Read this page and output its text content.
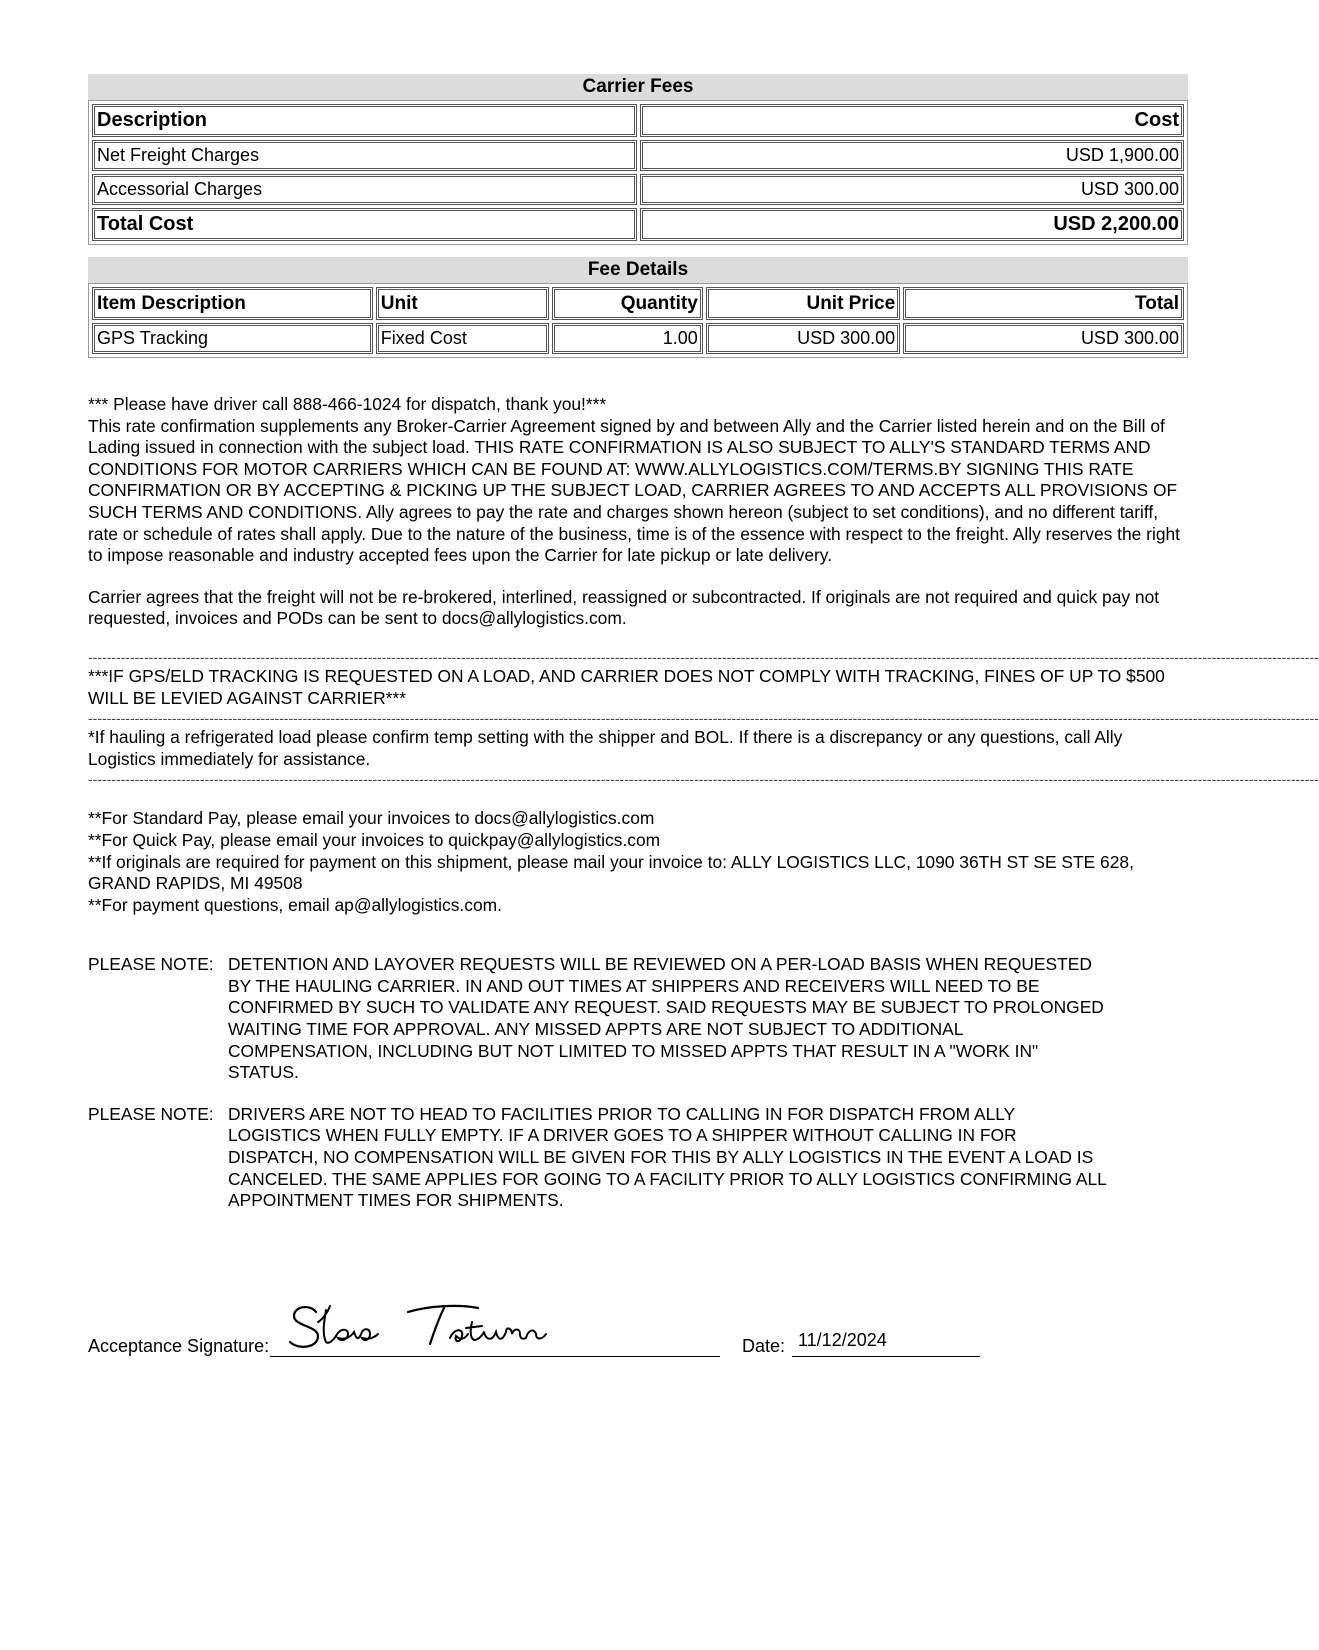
Carrier Fees
Description	Cost
Net Freight Charges	USD 1,900.00
Accessorial Charges	USD 300.00
Total Cost	USD 2,200.00
Fee Details
Item Description	Unit	Quantity	Unit Price	Total
GPS Tracking	Fixed Cost	1.00	USD 300.00	USD 300.00

*** Please have driver call 888-466-1024 for dispatch, thank you!***

This rate confirmation supplements any Broker-Carrier Agreement signed by and between Ally and the Carrier listed herein and on the Bill of Lading issued in connection with the subject load. THIS RATE CONFIRMATION IS ALSO SUBJECT TO ALLY'S STANDARD TERMS AND CONDITIONS FOR MOTOR CARRIERS WHICH CAN BE FOUND AT: WWW.ALLYLOGISTICS.COM/TERMS.BY SIGNING THIS RATE CONFIRMATION OR BY ACCEPTING & PICKING UP THE SUBJECT LOAD, CARRIER AGREES TO AND ACCEPTS ALL PROVISIONS OF SUCH TERMS AND CONDITIONS. Ally agrees to pay the rate and charges shown hereon (subject to set conditions), and no different tariff, rate or schedule of rates shall apply. Due to the nature of the business, time is of the essence with respect to the freight. Ally reserves the right to impose reasonable and industry accepted fees upon the Carrier for late pickup or late delivery.

Carrier agrees that the freight will not be re-brokered, interlined, reassigned or subcontracted. If originals are not required and quick pay not requested, invoices and PODs can be sent to docs@allylogistics.com.

------------------------------------------------------------------------------------------------------------------------------------------------------------------------------------------------------------------------------------------------------------------------

***IF GPS/ELD TRACKING IS REQUESTED ON A LOAD, AND CARRIER DOES NOT COMPLY WITH TRACKING, FINES OF UP TO $500 WILL BE LEVIED AGAINST CARRIER***

------------------------------------------------------------------------------------------------------------------------------------------------------------------------------------------------------------------------------------------------------------------------

*If hauling a refrigerated load please confirm temp setting with the shipper and BOL. If there is a discrepancy or any questions, call Ally Logistics immediately for assistance.

------------------------------------------------------------------------------------------------------------------------------------------------------------------------------------------------------------------------------------------------------------------------

**For Standard Pay, please email your invoices to docs@allylogistics.com

**For Quick Pay, please email your invoices to quickpay@allylogistics.com

**If originals are required for payment on this shipment, please mail your invoice to: ALLY LOGISTICS LLC, 1090 36TH ST SE STE 628, GRAND RAPIDS, MI 49508

**For payment questions, email ap@allylogistics.com.

PLEASE NOTE: DETENTION AND LAYOVER REQUESTS WILL BE REVIEWED ON A PER-LOAD BASIS WHEN REQUESTED BY THE HAULING CARRIER. IN AND OUT TIMES AT SHIPPERS AND RECEIVERS WILL NEED TO BE CONFIRMED BY SUCH TO VALIDATE ANY REQUEST. SAID REQUESTS MAY BE SUBJECT TO PROLONGED WAITING TIME FOR APPROVAL. ANY MISSED APPTS ARE NOT SUBJECT TO ADDITIONAL COMPENSATION, INCLUDING BUT NOT LIMITED TO MISSED APPTS THAT RESULT IN A "WORK IN" STATUS.
PLEASE NOTE: DRIVERS ARE NOT TO HEAD TO FACILITIES PRIOR TO CALLING IN FOR DISPATCH FROM ALLY LOGISTICS WHEN FULLY EMPTY. IF A DRIVER GOES TO A SHIPPER WITHOUT CALLING IN FOR DISPATCH, NO COMPENSATION WILL BE GIVEN FOR THIS BY ALLY LOGISTICS IN THE EVENT A LOAD IS CANCELED. THE SAME APPLIES FOR GOING TO A FACILITY PRIOR TO ALLY LOGISTICS CONFIRMING ALL APPOINTMENT TIMES FOR SHIPMENTS.
Acceptance Signature:	Date: 11/12/2024
